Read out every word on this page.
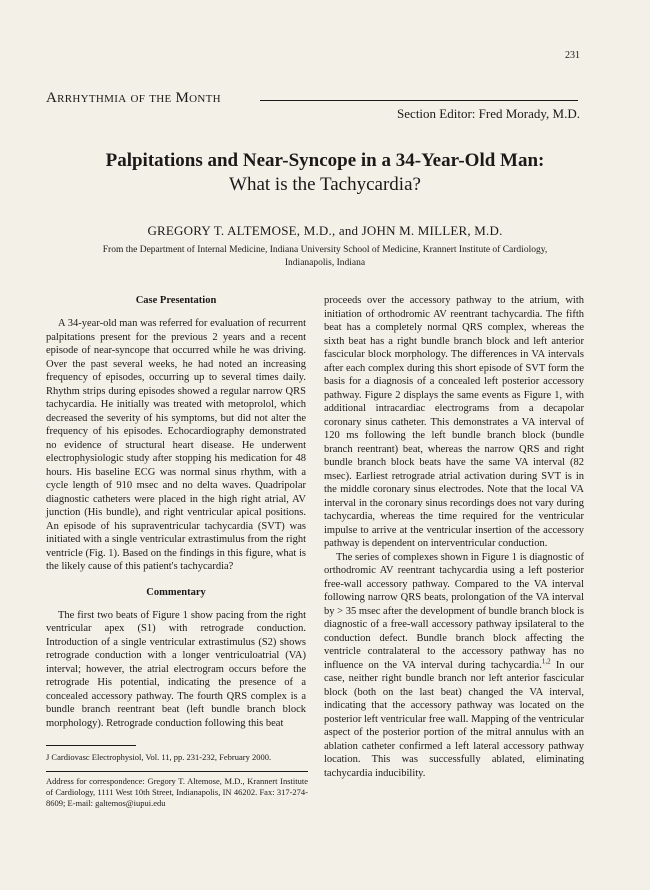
231
Arrhythmia of the Month
Section Editor: Fred Morady, M.D.
Palpitations and Near-Syncope in a 34-Year-Old Man:
What is the Tachycardia?
GREGORY T. ALTEMOSE, M.D., and JOHN M. MILLER, M.D.
From the Department of Internal Medicine, Indiana University School of Medicine, Krannert Institute of Cardiology, Indianapolis, Indiana
Case Presentation

A 34-year-old man was referred for evaluation of recurrent palpitations present for the previous 2 years and a recent episode of near-syncope that occurred while he was driving. Over the past several weeks, he had noted an increasing frequency of episodes, occurring up to several times daily. Rhythm strips during episodes showed a regular narrow QRS tachycardia. He initially was treated with metoprolol, which decreased the severity of his symptoms, but did not alter the frequency of his episodes. Echocardiography demonstrated no evidence of structural heart disease. He underwent electrophysiologic study after stopping his medication for 48 hours. His baseline ECG was normal sinus rhythm, with a cycle length of 910 msec and no delta waves. Quadripolar diagnostic catheters were placed in the high right atrial, AV junction (His bundle), and right ventricular apical positions. An episode of his supraventricular tachycardia (SVT) was initiated with a single ventricular extrastimulus from the right ventricle (Fig. 1). Based on the findings in this figure, what is the likely cause of this patient's tachycardia?

Commentary

The first two beats of Figure 1 show pacing from the right ventricular apex (S1) with retrograde conduction. Introduction of a single ventricular extrastimulus (S2) shows retrograde conduction with a longer ventriculoatrial (VA) interval; however, the atrial electrogram occurs before the retrograde His potential, indicating the presence of a concealed accessory pathway. The fourth QRS complex is a bundle branch reentrant beat (left bundle branch block morphology). Retrograde conduction following this beat

proceeds over the accessory pathway to the atrium, with initiation of orthodromic AV reentrant tachycardia. The fifth beat has a completely normal QRS complex, whereas the sixth beat has a right bundle branch block and left anterior fascicular block morphology. The differences in VA intervals after each complex during this short episode of SVT form the basis for a diagnosis of a concealed left posterior accessory pathway. Figure 2 displays the same events as Figure 1, with additional intracardiac electrograms from a decapolar coronary sinus catheter. This demonstrates a VA interval of 120 ms following the left bundle branch block (bundle branch reentrant) beat, whereas the narrow QRS and right bundle branch block beats have the same VA interval (82 msec). Earliest retrograde atrial activation during SVT is in the middle coronary sinus electrodes. Note that the local VA interval in the coronary sinus recordings does not vary during tachycardia, whereas the time required for the ventricular impulse to arrive at the ventricular insertion of the accessory pathway is dependent on interventricular conduction.

The series of complexes shown in Figure 1 is diagnostic of orthodromic AV reentrant tachycardia using a left posterior free-wall accessory pathway. Compared to the VA interval following narrow QRS beats, prolongation of the VA interval by > 35 msec after the development of bundle branch block is diagnostic of a free-wall accessory pathway ipsilateral to the conduction defect. Bundle branch block affecting the ventricle contralateral to the accessory pathway has no influence on the VA interval during tachycardia.$^{1,2}$ In our case, neither right bundle branch nor left anterior fascicular block (both on the last beat) changed the VA interval, indicating that the accessory pathway was located on the posterior left ventricular free wall. Mapping of the ventricular aspect of the posterior portion of the mitral annulus with an ablation catheter confirmed a left lateral accessory pathway location. This was successfully ablated, eliminating tachycardia inducibility.

J Cardiovasc Electrophysiol, Vol. 11, pp. 231-232, February 2000.
Address for correspondence: Gregory T. Altemose, M.D., Krannert Institute of Cardiology, 1111 West 10th Street, Indianapolis, IN 46202. Fax: 317-274-8609; E-mail: galtemos@iupui.edu
